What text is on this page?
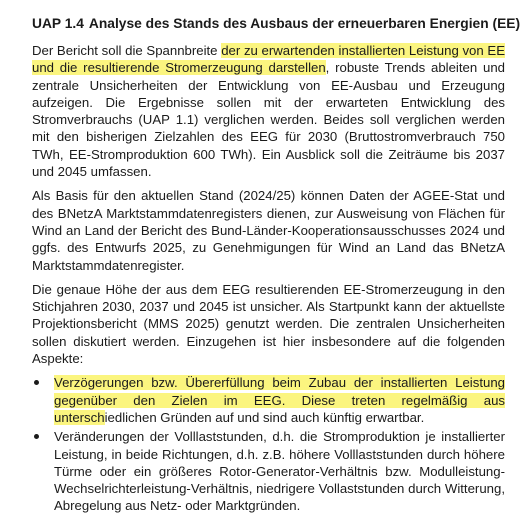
UAP 1.4 Analyse des Stands des Ausbaus der erneuerbaren Energien (EE)

Der Bericht soll die Spannbreite der zu erwartenden installierten Leistung von EE und die resultierende Stromerzeugung darstellen, robuste Trends ableiten und zentrale Unsicherheiten der Entwicklung von EE-Ausbau und Erzeugung aufzeigen. Die Ergebnisse sollen mit der erwarteten Entwicklung des Stromverbrauchs (UAP 1.1) verglichen werden. Beides soll verglichen werden mit den bisherigen Zielzahlen des EEG für 2030 (Bruttostromverbrauch 750 TWh, EE-Stromproduktion 600 TWh). Ein Ausblick soll die Zeiträume bis 2037 und 2045 umfassen.

Als Basis für den aktuellen Stand (2024/25) können Daten der AGEE-Stat und des BNetzA Marktstammdatenregisters dienen, zur Ausweisung von Flächen für Wind an Land der Bericht des Bund-Länder-Kooperationsausschusses 2024 und ggfs. des Entwurfs 2025, zu Genehmigungen für Wind an Land das BNetzA Marktstammdatenregister.

Die genaue Höhe der aus dem EEG resultierenden EE-Stromerzeugung in den Stichjahren 2030, 2037 und 2045 ist unsicher. Als Startpunkt kann der aktuellste Projektionsbericht (MMS 2025) genutzt werden. Die zentralen Unsicherheiten sollen diskutiert werden. Einzugehen ist hier insbesondere auf die folgenden Aspekte:

Verzögerungen bzw. Übererfüllung beim Zubau der installierten Leistung gegenüber den Zielen im EEG. Diese treten regelmäßig aus unterschiedlichen Gründen auf und sind auch künftig erwartbar.
Veränderungen der Volllaststunden, d.h. die Stromproduktion je installierter Leistung, in beide Richtungen, d.h. z.B. höhere Volllaststunden durch höhere Türme oder ein größeres Rotor-Generator-Verhältnis bzw. Modulleistung-Wechselrichterleistung-Verhältnis, niedrigere Vollaststunden durch Witterung, Abregelung aus Netz- oder Marktgründen.
